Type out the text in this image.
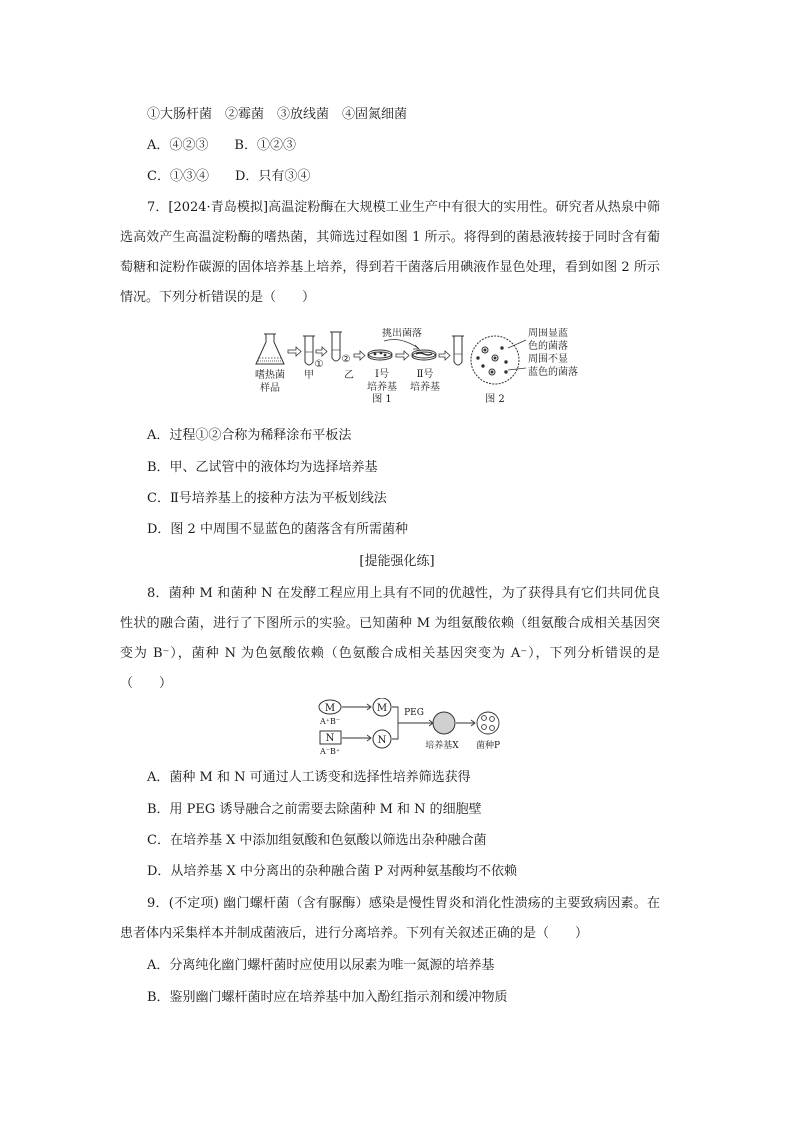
①大肠杆菌　②霉菌　③放线菌　④固氮细菌
A．④②③　　B．①②③
C．①③④　　D．只有③④
7．[2024·青岛模拟]高温淀粉酶在大规模工业生产中有很大的实用性。研究者从热泉中筛选高效产生高温淀粉酶的嗜热菌，其筛选过程如图 1 所示。将得到的菌悬液转接于同时含有葡萄糖和淀粉作碳源的固体培养基上培养，得到若干菌落后用碘液作显色处理，看到如图 2 所示情况。下列分析错误的是（　　）
嗜热菌
样品
甲
①
乙
②
挑出菌落
Ⅰ号
培养基
Ⅱ号
培养基
图 1
周围显蓝
色的菌落
周围不显
蓝色的菌落
图 2
A．过程①②合称为稀释涂布平板法
B．甲、乙试管中的液体均为选择培养基
C．Ⅱ号培养基上的接种方法为平板划线法
D．图 2 中周围不显蓝色的菌落含有所需菌种
[提能强化练]
8．菌种 M 和菌种 N 在发酵工程应用上具有不同的优越性，为了获得具有它们共同优良性状的融合菌，进行了下图所示的实验。已知菌种 M 为组氨酸依赖（组氨酸合成相关基因突变为 B⁻），菌种 N 为色氨酸依赖（色氨酸合成相关基因突变为 A⁻），下列分析错误的是（　　）
M
A⁺B⁻
M
N
A⁻B⁺
N
PEG
培养基X 菌种P
A．菌种 M 和 N 可通过人工诱变和选择性培养筛选获得
B．用 PEG 诱导融合之前需要去除菌种 M 和 N 的细胞壁
C．在培养基 X 中添加组氨酸和色氨酸以筛选出杂种融合菌
D．从培养基 X 中分离出的杂种融合菌 P 对两种氨基酸均不依赖
9．(不定项) 幽门螺杆菌（含有脲酶）感染是慢性胃炎和消化性溃疡的主要致病因素。在患者体内采集样本并制成菌液后，进行分离培养。下列有关叙述正确的是（　　）
A．分离纯化幽门螺杆菌时应使用以尿素为唯一氮源的培养基
B．鉴别幽门螺杆菌时应在培养基中加入酚红指示剂和缓冲物质
